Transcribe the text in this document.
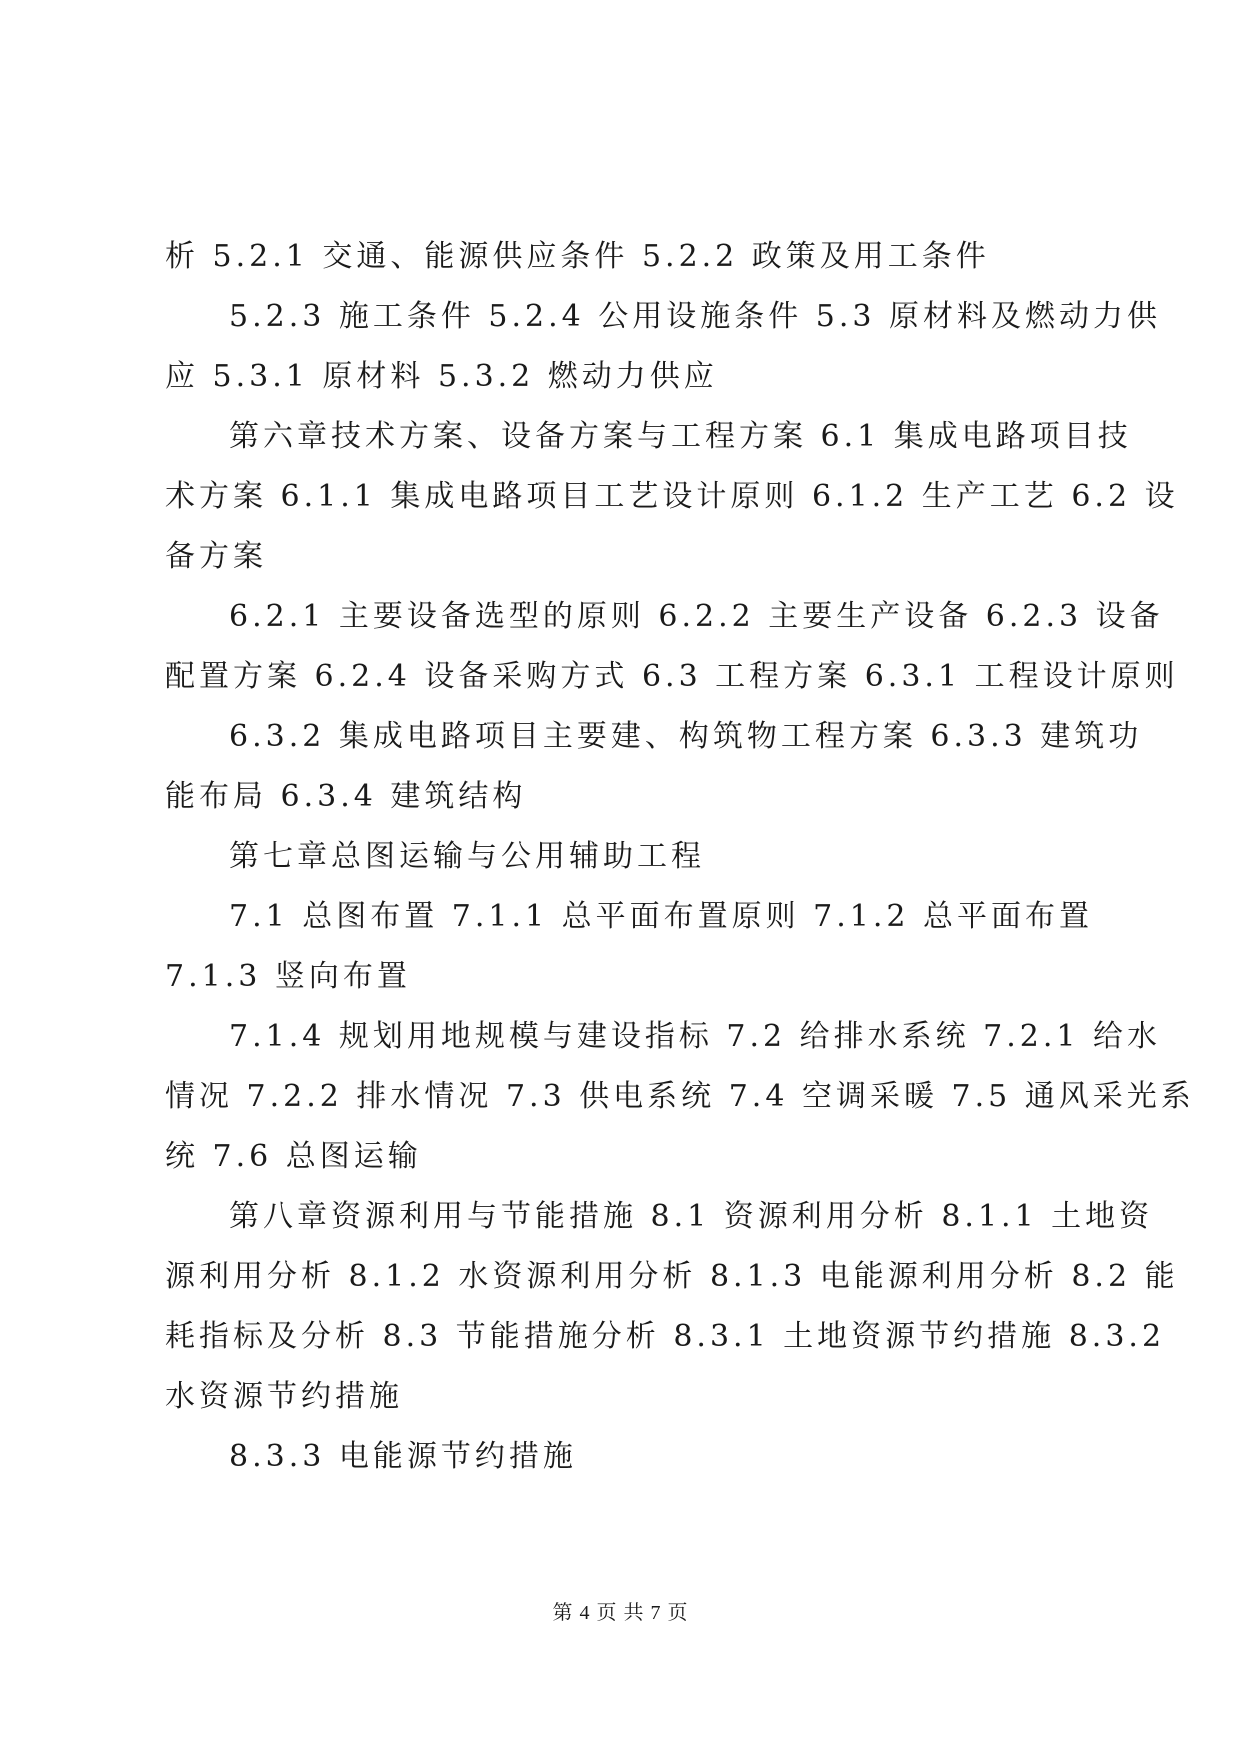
析 5.2.1 交通、能源供应条件 5.2.2 政策及用工条件
5.2.3 施工条件 5.2.4 公用设施条件 5.3 原材料及燃动力供
应 5.3.1 原材料 5.3.2 燃动力供应
第六章技术方案、设备方案与工程方案 6.1 集成电路项目技
术方案 6.1.1 集成电路项目工艺设计原则 6.1.2 生产工艺 6.2 设
备方案
6.2.1 主要设备选型的原则 6.2.2 主要生产设备 6.2.3 设备
配置方案 6.2.4 设备采购方式 6.3 工程方案 6.3.1 工程设计原则
6.3.2 集成电路项目主要建、构筑物工程方案 6.3.3 建筑功
能布局 6.3.4 建筑结构
第七章总图运输与公用辅助工程
7.1 总图布置 7.1.1 总平面布置原则 7.1.2 总平面布置
7.1.3 竖向布置
7.1.4 规划用地规模与建设指标 7.2 给排水系统 7.2.1 给水
情况 7.2.2 排水情况 7.3 供电系统 7.4 空调采暖 7.5 通风采光系
统 7.6 总图运输
第八章资源利用与节能措施 8.1 资源利用分析 8.1.1 土地资
源利用分析 8.1.2 水资源利用分析 8.1.3 电能源利用分析 8.2 能
耗指标及分析 8.3 节能措施分析 8.3.1 土地资源节约措施 8.3.2
水资源节约措施
8.3.3 电能源节约措施
第 4 页 共 7 页
